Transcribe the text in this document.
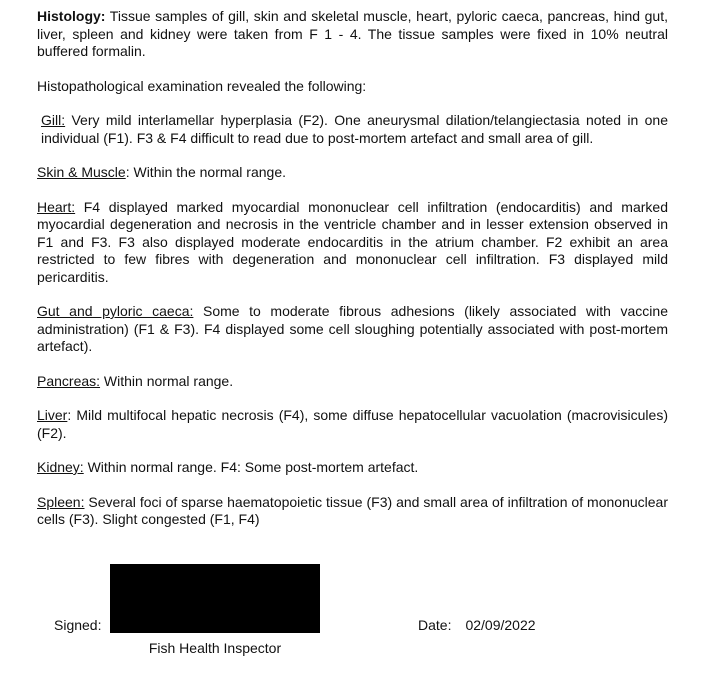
Histology: Tissue samples of gill, skin and skeletal muscle, heart, pyloric caeca, pancreas, hind gut, liver, spleen and kidney were taken from F 1 - 4. The tissue samples were fixed in 10% neutral buffered formalin.

Histopathological examination revealed the following:

Gill: Very mild interlamellar hyperplasia (F2). One aneurysmal dilation/telangiectasia noted in one individual (F1). F3 & F4 difficult to read due to post-mortem artefact and small area of gill.

Skin & Muscle: Within the normal range.

Heart: F4 displayed marked myocardial mononuclear cell infiltration (endocarditis) and marked myocardial degeneration and necrosis in the ventricle chamber and in lesser extension observed in F1 and F3. F3 also displayed moderate endocarditis in the atrium chamber. F2 exhibit an area restricted to few fibres with degeneration and mononuclear cell infiltration. F3 displayed mild pericarditis.

Gut and pyloric caeca: Some to moderate fibrous adhesions (likely associated with vaccine administration) (F1 & F3). F4 displayed some cell sloughing potentially associated with post-mortem artefact).

Pancreas: Within normal range.

Liver: Mild multifocal hepatic necrosis (F4), some diffuse hepatocellular vacuolation (macrovisicules) (F2).

Kidney: Within normal range. F4: Some post-mortem artefact.

Spleen: Several foci of sparse haematopoietic tissue (F3) and small area of infiltration of mononuclear cells (F3). Slight congested (F1, F4)

Signed:
Fish Health Inspector
Date: 02/09/2022
